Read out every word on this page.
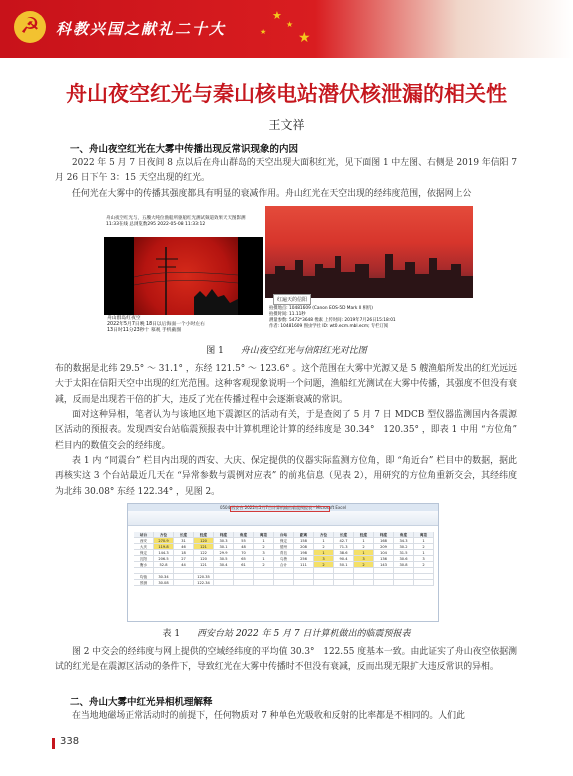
☭	科教兴国之献礼二十大
★
★
★
★
舟山夜空红光与秦山核电站潜伏核泄漏的相关性
王文祥
一、舟山夜空红光在大雾中传播出现反常识现象的内因
2022 年 5 月 7 日夜间 8 点以后在舟山群岛的天空出现大面积红光，见下面图 1 中左图、右侧是 2019 年信阳 7 月 26 日下午 3：15 天空出现的红光。
任何光在大雾中的传播其强度都具有明显的衰减作用。舟山红光在天空出现的经纬度范围，依据网上公
舟山夜空红光与，五艘大吨位渔船所驱船红光测试频道效果天天图影测
11:33在线 总浏览数295 2022-05-08 11:33:12
舟山群岛红夜空
2022年5月7日晚 18日以后海面一个小时左右
13日时11分23秒十 慕观 手机截图
红遍天的信阳
拍摄地点: 10481609 (Canon EOS-5D Mark II 相机)
拍摄时间: 11.11秒
测量参数: 5472*3648 像素 上传时间: 2019年7月26日15:18:01
作者: 10481609 图虫学社 ID: wt0.ecm.mbl.ecm; 专栏订阅
图 1 舟山夜空红光与信阳红光对比图
布的数据是北纬 29.5° ～ 31.1° ，东经 121.5° ～ 123.6° 。这个范围在大雾中光源又是 5 艘渔船所发出的红光远远大于太阳在信阳天空中出现的红光范围。这种客观现象说明一个问题，渔船红光测试在大雾中传播，其强度不但没有衰减，反而是出现若干倍的扩大，违反了光在传播过程中会逐渐衰减的常识。
面对这种异相，笔者认为与该地区地下震源区的活动有关，于是查阅了 5 月 7 日 MDCB 型仪器监测国内各震源区活动的预报表。发现西安台站临震预报表中计算机理论计算的经纬度是 30.34°　120.35° ，即表 1 中用 “方位角” 栏目内的数值交会的经纬度。
表 1 内 “同震台” 栏目内出现的西安、大庆、保定提供的仪器实际监测方位角，即 “角近台” 栏目中的数据，据此再核实这 3 个台站最近几天在 “异常参数与震例对应表” 的前兆信息（见表 2），用研究的方位角重新交会，其经纬度为北纬 30.08° 东经 122.34° ，见图 2。
0504 西安台 2022年5月7日计算机输出临震预报表 - Microsoft Excel
站台	方位	长度	经度	纬度	角度	离差	台站	距离	方位	长度	经度	纬度	角度	离差
西安	270.9	31	120	30.3	55	1	保定	158	1	42.7	1	168	34.3	1
大庆	119.8	46	121	30.1	48	2	德州	208	2	71.3	2	209	30.2	2
保定	144.3	18	122	29.9	70	3	青岛	198	1	38.6	1	104	31.5	1
沈阳	206.5	27	120	30.5	65	1	乌鲁	256	3	90.4	3	136	30.6	3
衡水	52.8	44	121	30.4	61	2	合计	111	2	50.1	2	143	30.8	2
均值	30.34	120.35
预测	30.08	122.34
表 1 西安台站 2022 年 5 月 7 日计算机做出的临震预报表
图 2 中交会的经纬度与网上提供的空域经纬度的平均值 30.3°　122.55 度基本一致。由此证实了舟山夜空依据测试的红光是在震源区活动的条件下，导致红光在大雾中传播时不但没有衰减，反而出现无限扩大违反常识的异相。
二、舟山大雾中红光异相机理解释
在当地地磁场正常活动时的前提下，任何物质对 7 种单色光吸收和反射的比率都是不相同的。人们此
338
